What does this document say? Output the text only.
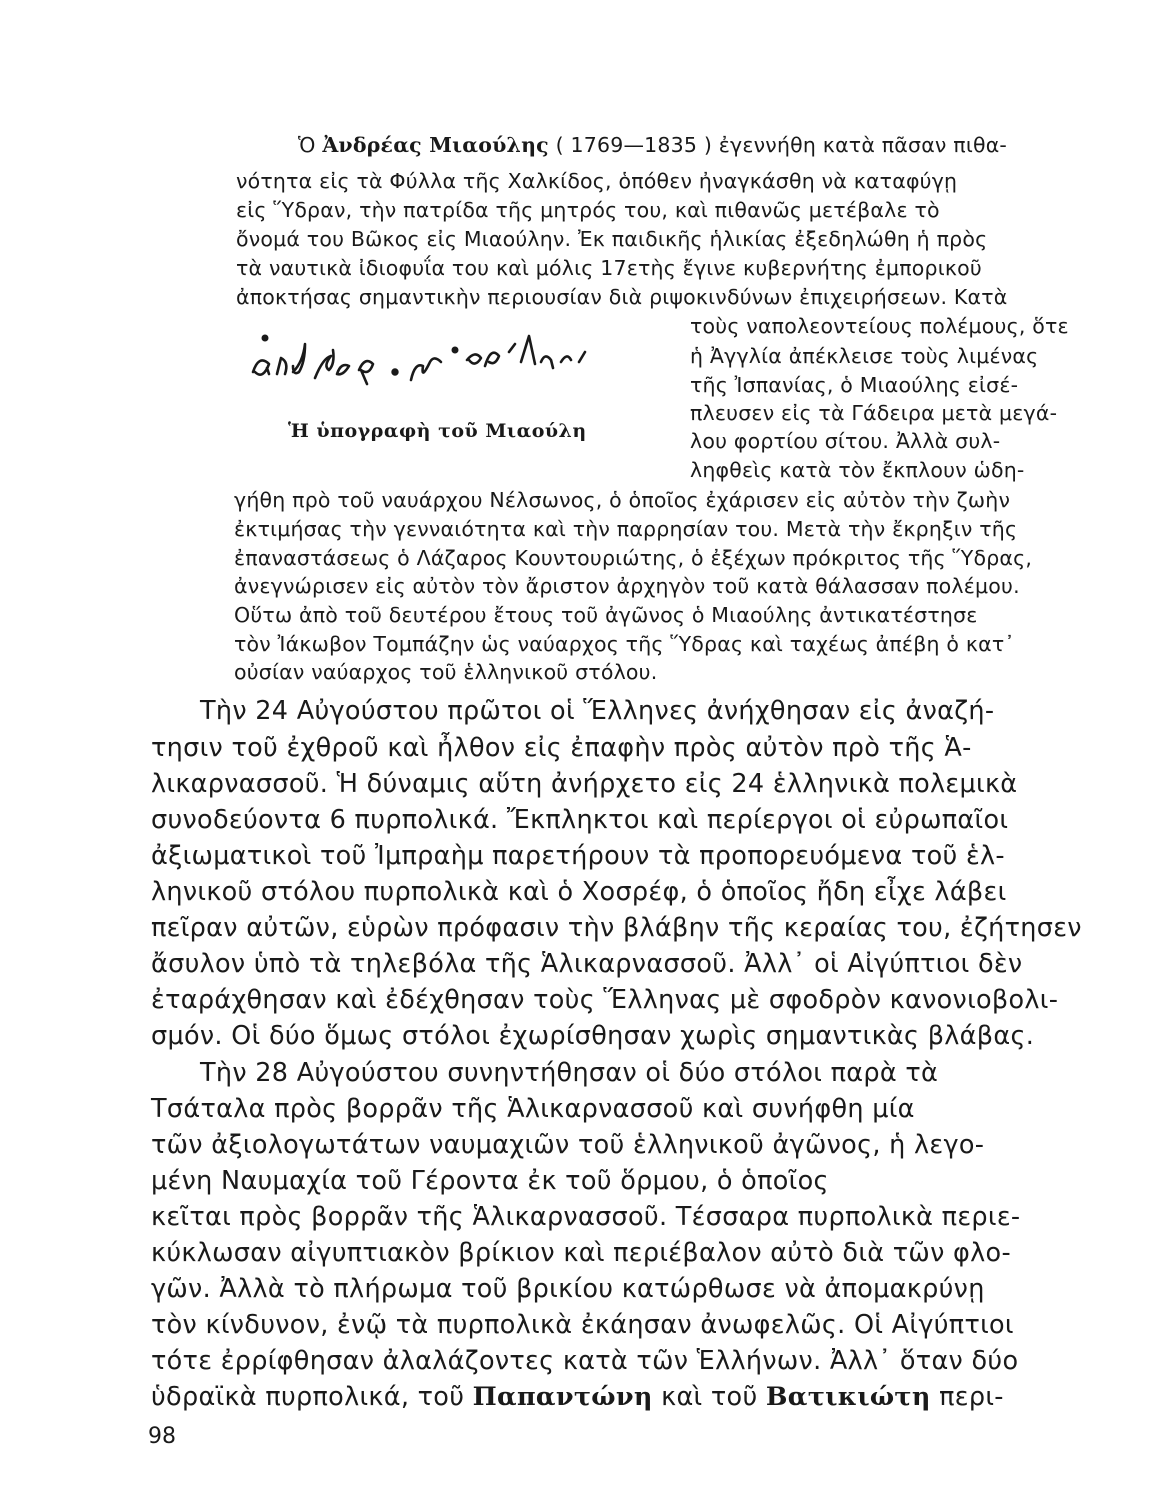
Ὁ Ἀνδρέας Μιαούλης ( 1769—1835 ) ἐγεννήθη κατὰ πᾶσαν πιθα-

νότητα εἰς τὰ Φύλλα τῆς Χαλκίδος, ὁπόθεν ἠναγκάσθη νὰ καταφύγῃ

εἰς Ὕδραν, τὴν πατρίδα τῆς μητρός του, καὶ πιθανῶς μετέβαλε τὸ

ὄνομά του Βῶκος εἰς Μιαούλην. Ἐκ παιδικῆς ἡλικίας ἐξεδηλώθη ἡ πρὸς

τὰ ναυτικὰ ἰδιοφυΐα του καὶ μόλις 17ετὴς ἔγινε κυβερνήτης ἐμπορικοῦ

ἀποκτήσας σημαντικὴν περιουσίαν διὰ ριψοκινδύνων ἐπιχειρήσεων. Κατὰ

Ἡ ὑπογραφὴ τοῦ Μιαούλη

τοὺς ναπολεοντείους πολέμους, ὅτε

ἡ Ἀγγλία ἀπέκλεισε τοὺς λιμένας

τῆς Ἰσπανίας, ὁ Μιαούλης εἰσέ-

πλευσεν εἰς τὰ Γάδειρα μετὰ μεγά-

λου φορτίου σίτου. Ἀλλὰ συλ-

ληφθεὶς κατὰ τὸν ἔκπλουν ὡδη-

γήθη πρὸ τοῦ ναυάρχου Νέλσωνος, ὁ ὁποῖος ἐχάρισεν εἰς αὐτὸν τὴν ζωὴν

ἐκτιμήσας τὴν γενναιότητα καὶ τὴν παρρησίαν του. Μετὰ τὴν ἔκρηξιν τῆς

ἐπαναστάσεως ὁ Λάζαρος Κουντουριώτης, ὁ ἐξέχων πρόκριτος τῆς Ὕδρας,

ἀνεγνώρισεν εἰς αὐτὸν τὸν ἄριστον ἀρχηγὸν τοῦ κατὰ θάλασσαν πολέμου.

Οὕτω ἀπὸ τοῦ δευτέρου ἔτους τοῦ ἀγῶνος ὁ Μιαούλης ἀντικατέστησε

τὸν Ἰάκωβον Τομπάζην ὡς ναύαρχος τῆς Ὕδρας καὶ ταχέως ἀπέβη ὁ κατ᾽

οὐσίαν ναύαρχος τοῦ ἑλληνικοῦ στόλου.

Τὴν 24 Αὐγούστου πρῶτοι οἱ Ἕλληνες ἀνήχθησαν εἰς ἀναζή-

τησιν τοῦ ἐχθροῦ καὶ ἦλθον εἰς ἐπαφὴν πρὸς αὐτὸν πρὸ τῆς Ἁ-

λικαρνασσοῦ. Ἡ δύναμις αὕτη ἀνήρχετο εἰς 24 ἑλληνικὰ πολεμικὰ

συνοδεύοντα 6 πυρπολικά. Ἔκπληκτοι καὶ περίεργοι οἱ εὐρωπαῖοι

ἀξιωματικοὶ τοῦ Ἰμπραὴμ παρετήρουν τὰ προπορευόμενα τοῦ ἑλ-

ληνικοῦ στόλου πυρπολικὰ καὶ ὁ Χοσρέφ, ὁ ὁποῖος ἤδη εἶχε λάβει

πεῖραν αὐτῶν, εὑρὼν πρόφασιν τὴν βλάβην τῆς κεραίας του, ἐζήτησεν

ἄσυλον ὑπὸ τὰ τηλεβόλα τῆς Ἁλικαρνασσοῦ. Ἀλλ᾽ οἱ Αἰγύπτιοι δὲν

ἐταράχθησαν καὶ ἐδέχθησαν τοὺς Ἕλληνας μὲ σφοδρὸν κανονιοβολι-

σμόν. Οἱ δύο ὅμως στόλοι ἐχωρίσθησαν χωρὶς σημαντικὰς βλάβας.

Τὴν 28 Αὐγούστου συνηντήθησαν οἱ δύο στόλοι παρὰ τὰ

Τσάταλα πρὸς βορρᾶν τῆς Ἁλικαρνασσοῦ καὶ συνήφθη μία

τῶν ἀξιολογωτάτων ναυμαχιῶν τοῦ ἑλληνικοῦ ἀγῶνος, ἡ λεγο-

μένη Ναυμαχία τοῦ Γέροντα ἐκ τοῦ ὅρμου, ὁ ὁποῖος

κεῖται πρὸς βορρᾶν τῆς Ἁλικαρνασσοῦ. Τέσσαρα πυρπολικὰ περιε-

κύκλωσαν αἰγυπτιακὸν βρίκιον καὶ περιέβαλον αὐτὸ διὰ τῶν φλο-

γῶν. Ἀλλὰ τὸ πλήρωμα τοῦ βρικίου κατώρθωσε νὰ ἀπομακρύνῃ

τὸν κίνδυνον, ἐνῷ τὰ πυρπολικὰ ἐκάησαν ἀνωφελῶς. Οἱ Αἰγύπτιοι

τότε ἐρρίφθησαν ἀλαλάζοντες κατὰ τῶν Ἑλλήνων. Ἀλλ᾽ ὅταν δύο

ὑδραϊκὰ πυρπολικά, τοῦ Παπαντώνη καὶ τοῦ Βατικιώτη περι-

98
